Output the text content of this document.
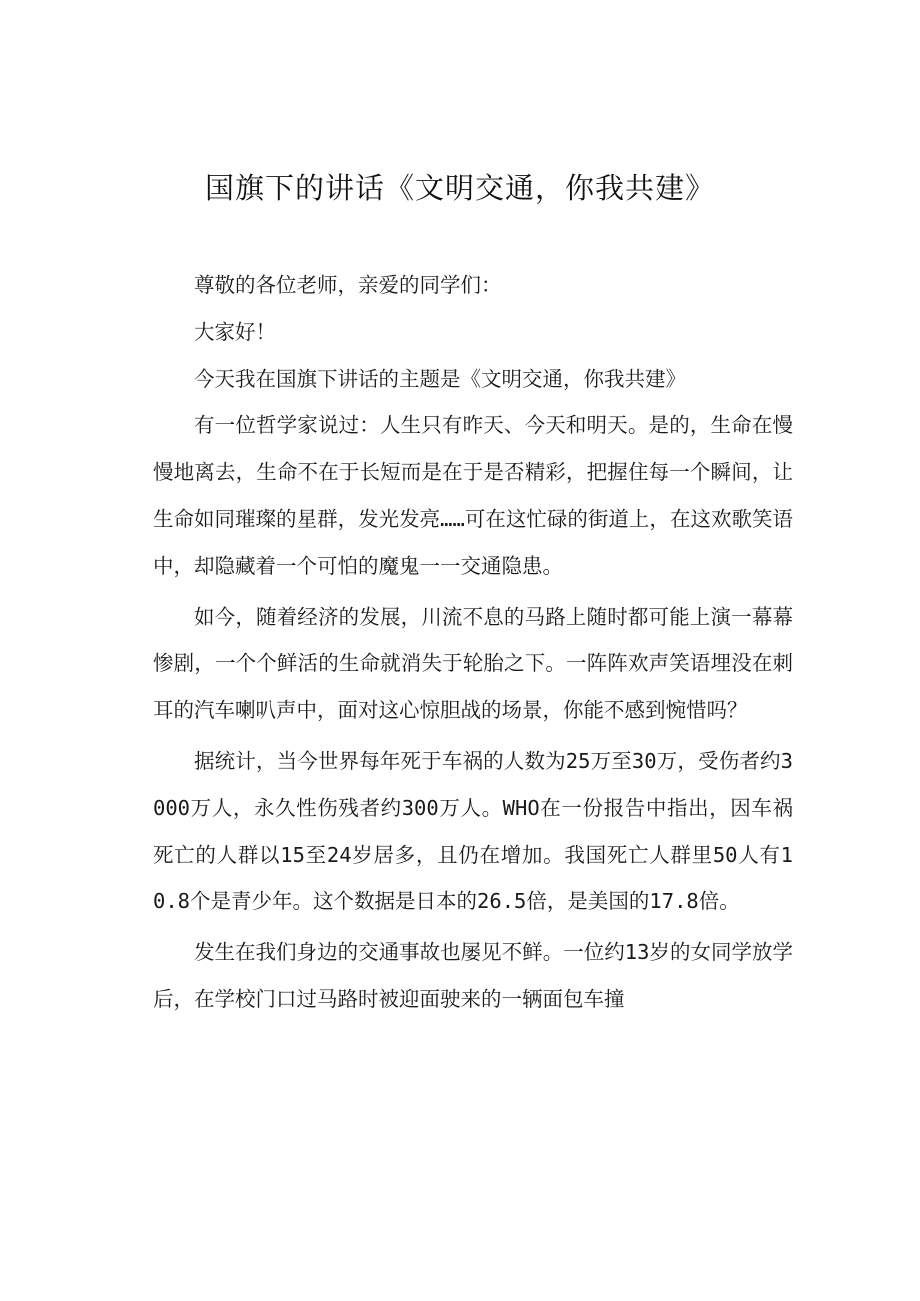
国旗下的讲话《文明交通，你我共建》

尊敬的各位老师，亲爱的同学们：

大家好！

今天我在国旗下讲话的主题是《文明交通，你我共建》

有一位哲学家说过：人生只有昨天、今天和明天。是的，生命在慢慢地离去，生命不在于长短而是在于是否精彩，把握住每一个瞬间，让生命如同璀璨的星群，发光发亮……可在这忙碌的街道上，在这欢歌笑语中，却隐藏着一个可怕的魔鬼一一交通隐患。

如今，随着经济的发展，川流不息的马路上随时都可能上演一幕幕惨剧，一个个鲜活的生命就消失于轮胎之下。一阵阵欢声笑语埋没在刺耳的汽车喇叭声中，面对这心惊胆战的场景，你能不感到惋惜吗？

据统计，当今世界每年死于车祸的人数为25万至30万，受伤者约3000万人，永久性伤残者约300万人。WHO在一份报告中指出，因车祸死亡的人群以15至24岁居多，且仍在增加。我国死亡人群里50人有10.8个是青少年。这个数据是日本的26.5倍，是美国的17.8倍。

发生在我们身边的交通事故也屡见不鲜。一位约13岁的女同学放学后，在学校门口过马路时被迎面驶来的一辆面包车撞
